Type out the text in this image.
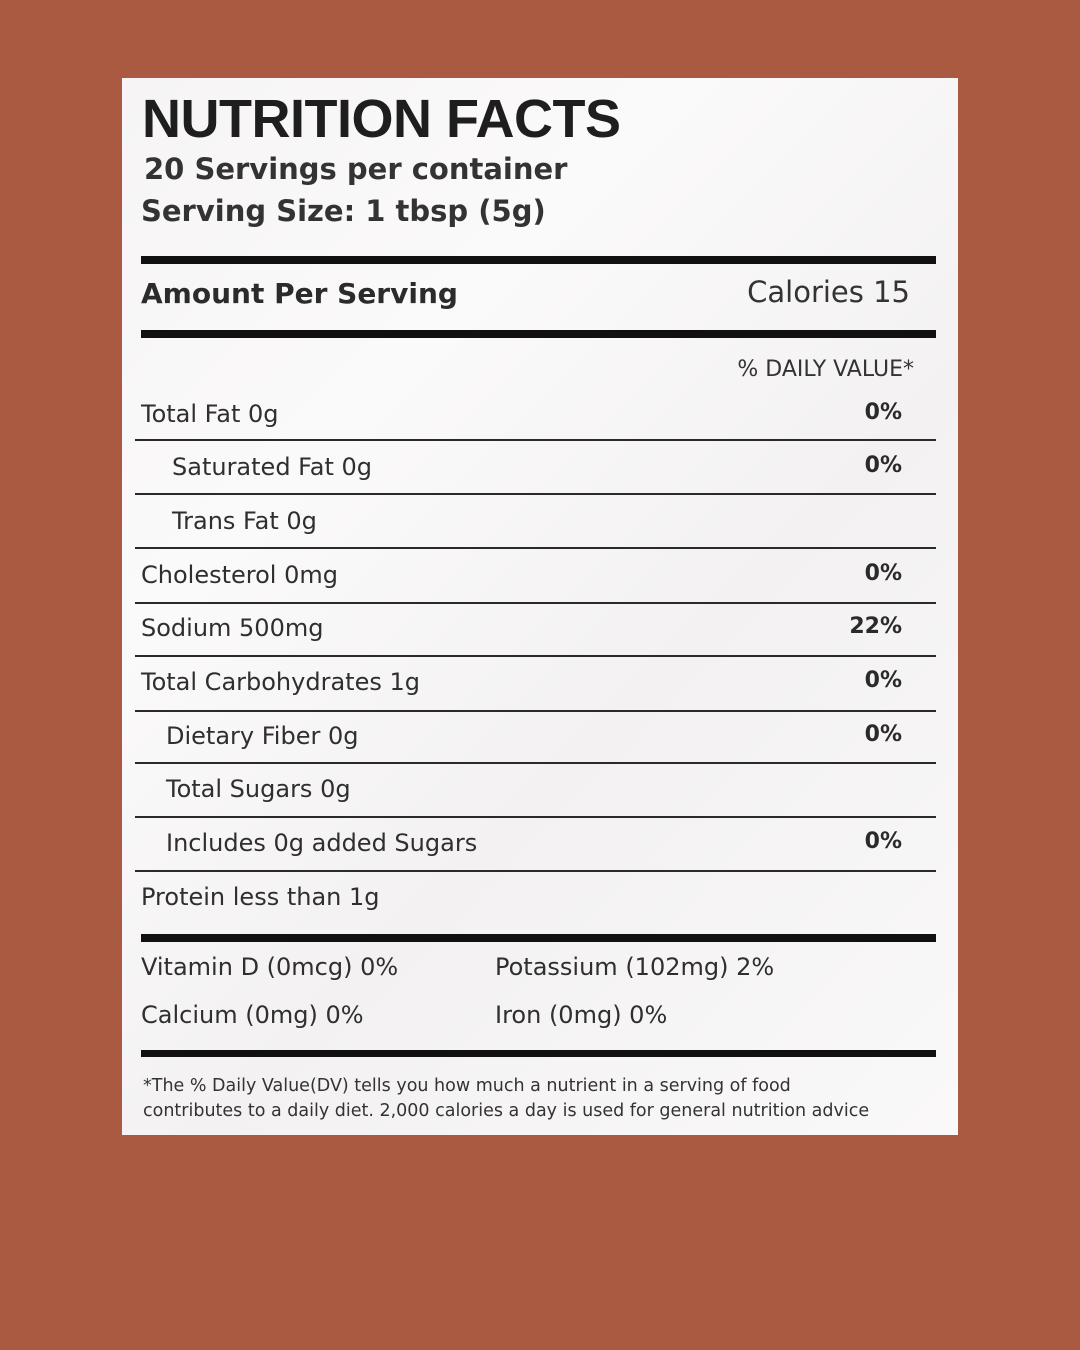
NUTRITION FACTS
20 Servings per container
Serving Size: 1 tbsp (5g)
Amount Per Serving	Calories 15
% DAILY VALUE*
Total Fat 0g	0%
Saturated Fat 0g	0%
Trans Fat 0g
Cholesterol 0mg	0%
Sodium 500mg	22%
Total Carbohydrates 1g	0%
Dietary Fiber 0g	0%
Total Sugars 0g
Includes 0g added Sugars	0%
Protein less than 1g
Vitamin D (0mcg) 0%	Potassium (102mg) 2%
Calcium (0mg) 0%	Iron (0mg) 0%
*The % Daily Value(DV) tells you how much a nutrient in a serving of food
contributes to a daily diet. 2,000 calories a day is used for general nutrition advice
